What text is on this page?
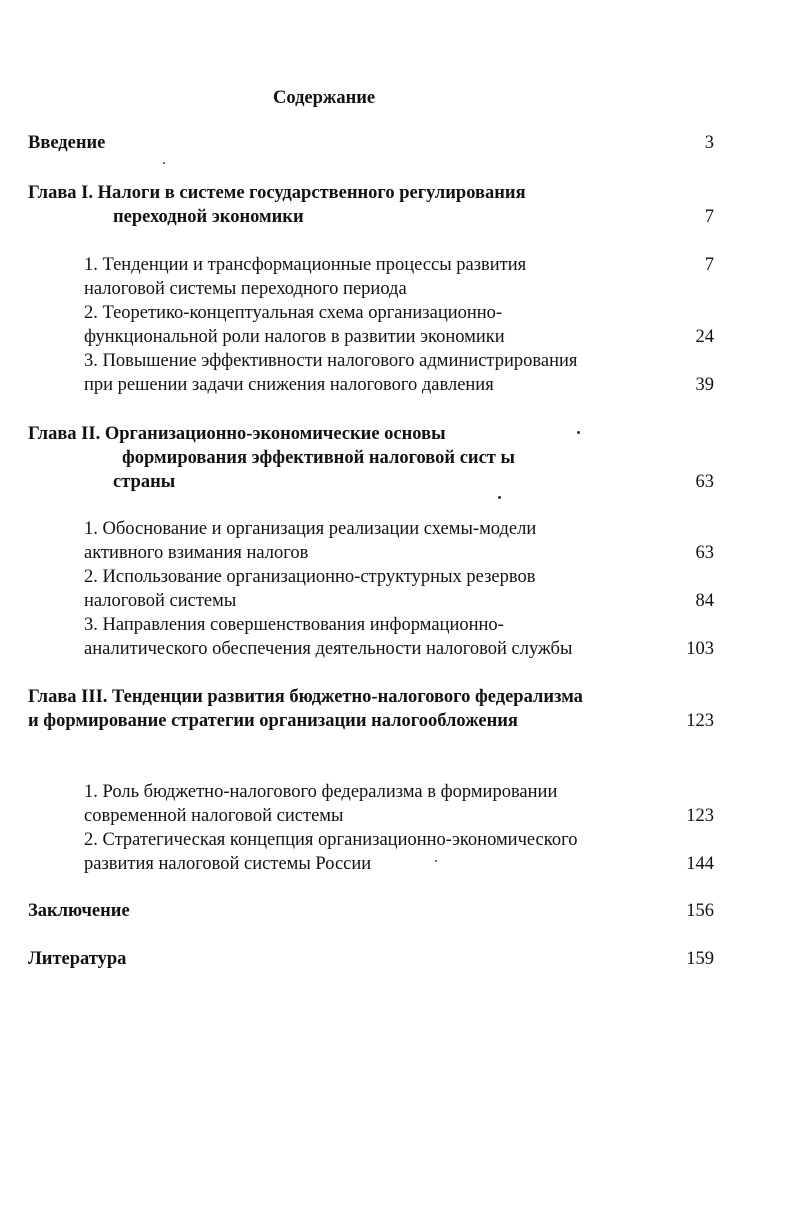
Содержание
Введение	3
Глава I. Налоги в системе государственного регулирования
переходной экономики	7
1. Тенденции и трансформационные процессы развития	7
налоговой системы переходного периода
2. Теоретико-концептуальная схема организационно-
функциональной роли налогов в развитии экономики	24
3. Повышение эффективности налогового администрирования
при решении задачи снижения налогового давления	39
Глава II. Организационно-экономические основы
формирования эффективной налоговой сист ы
страны	63
1. Обоснование и организация реализации схемы-модели
активного взимания налогов	63
2. Использование организационно-структурных резервов
налоговой системы	84
3. Направления совершенствования информационно-
аналитического обеспечения деятельности налоговой службы	103
Глава III. Тенденции развития бюджетно-налогового федерализма
и формирование стратегии организации налогообложения	123
1. Роль бюджетно-налогового федерализма в формировании
современной налоговой системы	123
2. Стратегическая концепция организационно-экономического
развития налоговой системы России	144
Заключение	156
Литература	159
